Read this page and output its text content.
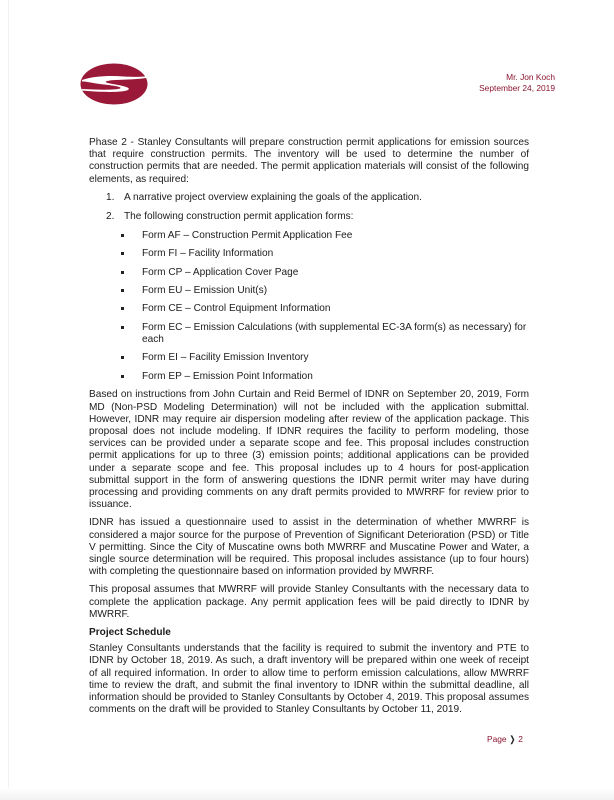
Mr. Jon Koch
September 24, 2019

Phase 2 - Stanley Consultants will prepare construction permit applications for emission sources that require construction permits. The inventory will be used to determine the number of construction permits that are needed. The permit application materials will consist of the following elements, as required:

1. A narrative project overview explaining the goals of the application.
2. The following construction permit application forms:
Form AF – Construction Permit Application Fee
Form FI – Facility Information
Form CP – Application Cover Page
Form EU – Emission Unit(s)
Form CE – Control Equipment Information
Form EC – Emission Calculations (with supplemental EC-3A form(s) as necessary) for each
Form EI – Facility Emission Inventory
Form EP – Emission Point Information

Based on instructions from John Curtain and Reid Bermel of IDNR on September 20, 2019, Form MD (Non-PSD Modeling Determination) will not be included with the application submittal. However, IDNR may require air dispersion modeling after review of the application package. This proposal does not include modeling. If IDNR requires the facility to perform modeling, those services can be provided under a separate scope and fee. This proposal includes construction permit applications for up to three (3) emission points; additional applications can be provided under a separate scope and fee. This proposal includes up to 4 hours for post-application submittal support in the form of answering questions the IDNR permit writer may have during processing and providing comments on any draft permits provided to MWRRF for review prior to issuance.

IDNR has issued a questionnaire used to assist in the determination of whether MWRRF is considered a major source for the purpose of Prevention of Significant Deterioration (PSD) or Title V permitting. Since the City of Muscatine owns both MWRRF and Muscatine Power and Water, a single source determination will be required. This proposal includes assistance (up to four hours) with completing the questionnaire based on information provided by MWRRF.

This proposal assumes that MWRRF will provide Stanley Consultants with the necessary data to complete the application package. Any permit application fees will be paid directly to IDNR by MWRRF.

Project Schedule

Stanley Consultants understands that the facility is required to submit the inventory and PTE to IDNR by October 18, 2019. As such, a draft inventory will be prepared within one week of receipt of all required information. In order to allow time to perform emission calculations, allow MWRRF time to review the draft, and submit the final inventory to IDNR within the submittal deadline, all information should be provided to Stanley Consultants by October 4, 2019. This proposal assumes comments on the draft will be provided to Stanley Consultants by October 11, 2019.

Page ❭ 2
